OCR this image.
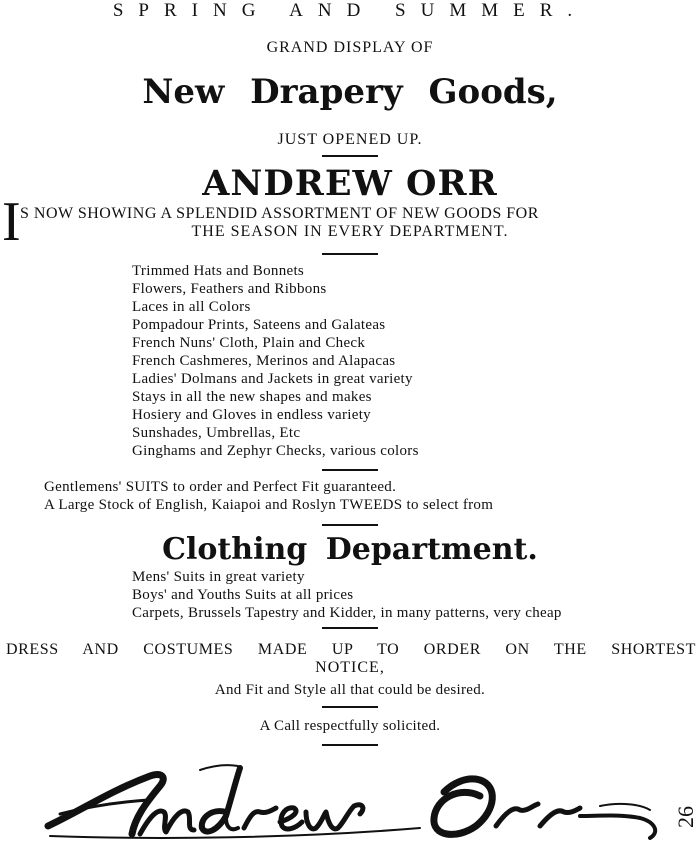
SPRING AND SUMMER.
GRAND DISPLAY OF
New Drapery Goods,
JUST OPENED UP.
ANDREW ORR
I S NOW SHOWING A SPLENDID ASSORTMENT OF NEW GOODS FOR
THE SEASON IN EVERY DEPARTMENT.
Trimmed Hats and Bonnets
Flowers, Feathers and Ribbons
Laces in all Colors
Pompadour Prints, Sateens and Galateas
French Nuns' Cloth, Plain and Check
French Cashmeres, Merinos and Alapacas
Ladies' Dolmans and Jackets in great variety
Stays in all the new shapes and makes
Hosiery and Gloves in endless variety
Sunshades, Umbrellas, Etc
Ginghams and Zephyr Checks, various colors
Gentlemens' SUITS to order and Perfect Fit guaranteed.
A Large Stock of English, Kaiapoi and Roslyn TWEEDS to select from
Clothing Department.
Mens' Suits in great variety
Boys' and Youths Suits at all prices
Carpets, Brussels Tapestry and Kidder, in many patterns, very cheap
DRESS AND COSTUMES MADE UP TO ORDER ON THE SHORTEST
NOTICE,
And Fit and Style all that could be desired.
A Call respectfully solicited.
26
